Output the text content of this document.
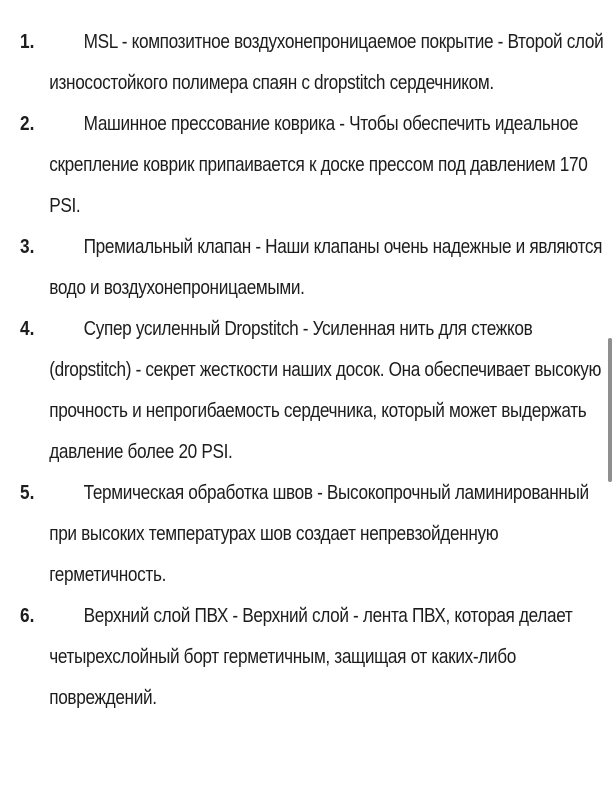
1.	MSL - композитное воздухонепроницаемое покрытие - Второй слой износостойкого полимера спаян с dropstitch сердечником.
2.	Машинное прессование коврика - Чтобы обеспечить идеальное скрепление коврик припаивается к доске прессом под давлением 170 PSI.
3.	Премиальный клапан - Наши клапаны очень надежные и являются водо и воздухонепроницаемыми.
4.	Супер усиленный Dropstitch - Усиленная нить для стежков (dropstitch) - секрет жесткости наших досок. Она обеспечивает высокую прочность и непрогибаемость сердечника, который может выдержать давление более 20 PSI.
5.	Термическая обработка швов - Высокопрочный ламинированный при высоких температурах шов создает непревзойденную герметичность.
6.	Верхний слой ПВХ - Верхний слой - лента ПВХ, которая делает четырехслойный борт герметичным, защищая от каких-либо повреждений.
